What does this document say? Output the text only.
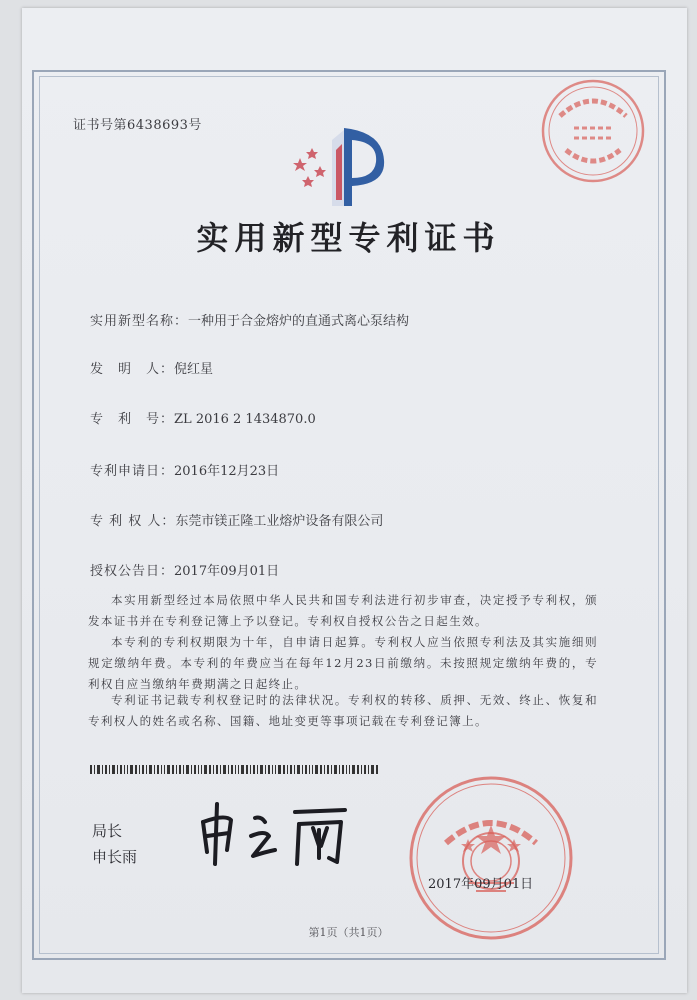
证书号第6438693号
实用新型专利证书
实用新型名称：一种用于合金熔炉的直通式离心泵结构
发　明　人：倪红星
专　利　号：ZL 2016 2 1434870.0
专利申请日：2016年12月23日
专 利 权 人：东莞市镁正隆工业熔炉设备有限公司
授权公告日：2017年09月01日
本实用新型经过本局依照中华人民共和国专利法进行初步审查，决定授予专利权，颁发本证书并在专利登记簿上予以登记。专利权自授权公告之日起生效。
本专利的专利权期限为十年，自申请日起算。专利权人应当依照专利法及其实施细则规定缴纳年费。本专利的年费应当在每年12月23日前缴纳。未按照规定缴纳年费的，专利权自应当缴纳年费期满之日起终止。
专利证书记载专利权登记时的法律状况。专利权的转移、质押、无效、终止、恢复和专利权人的姓名或名称、国籍、地址变更等事项记载在专利登记簿上。
局长
申长雨
2017年09月01日
第1页（共1页）
